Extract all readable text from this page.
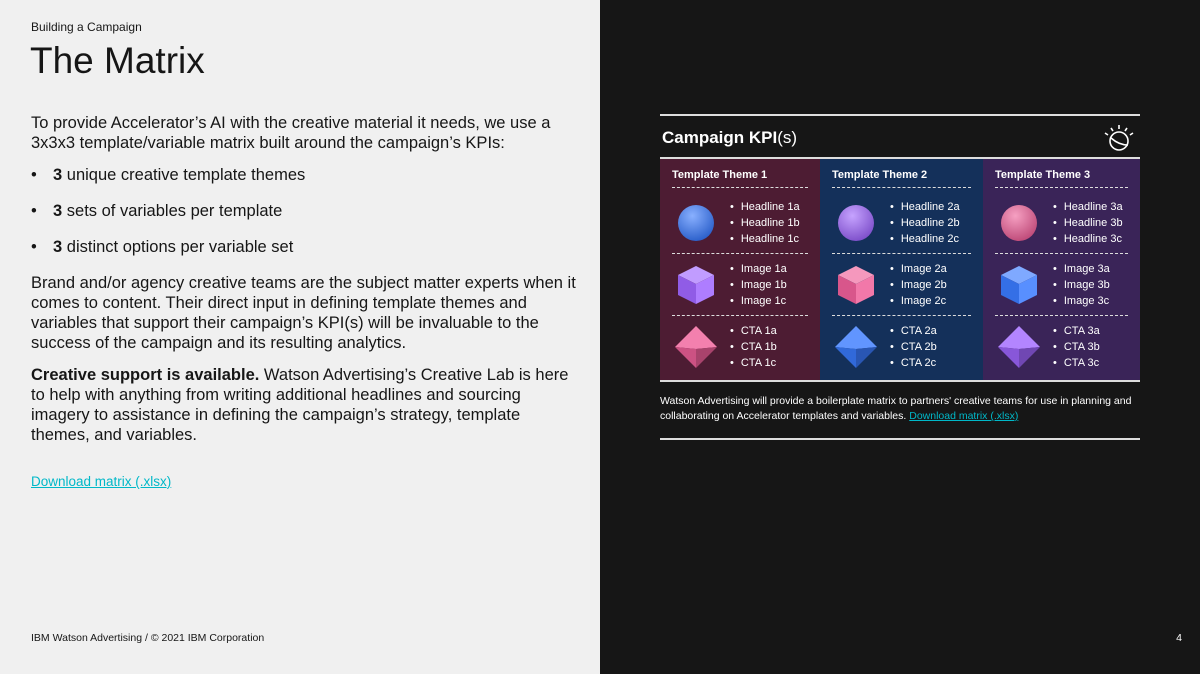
Building a Campaign
The Matrix

To provide Accelerator’s AI with the creative material it needs, we use a 3x3x3 template/variable matrix built around the campaign’s KPIs:

• 3 unique creative template themes
• 3 sets of variables per template
• 3 distinct options per variable set

Brand and/or agency creative teams are the subject matter experts when it comes to content. Their direct input in defining template themes and variables that support their campaign’s KPI(s) will be invaluable to the success of the campaign and its resulting analytics.

Creative support is available. Watson Advertising’s Creative Lab is here to help with anything from writing additional headlines and sourcing imagery to assistance in defining the campaign’s strategy, template themes, and variables.

Download matrix (.xlsx)
IBM Watson Advertising / © 2021 IBM Corporation
Campaign KPI(s)
Template Theme 1
• Headline 1a
• Headline 1b
• Headline 1c
• Image 1a
• Image 1b
• Image 1c
• CTA 1a
• CTA 1b
• CTA 1c
Template Theme 2
• Headline 2a
• Headline 2b
• Headline 2c
• Image 2a
• Image 2b
• Image 2c
• CTA 2a
• CTA 2b
• CTA 2c
Template Theme 3
• Headline 3a
• Headline 3b
• Headline 3c
• Image 3a
• Image 3b
• Image 3c
• CTA 3a
• CTA 3b
• CTA 3c
Watson Advertising will provide a boilerplate matrix to partners' creative teams for use in planning and collaborating on Accelerator templates and variables. Download matrix (.xlsx)
4
